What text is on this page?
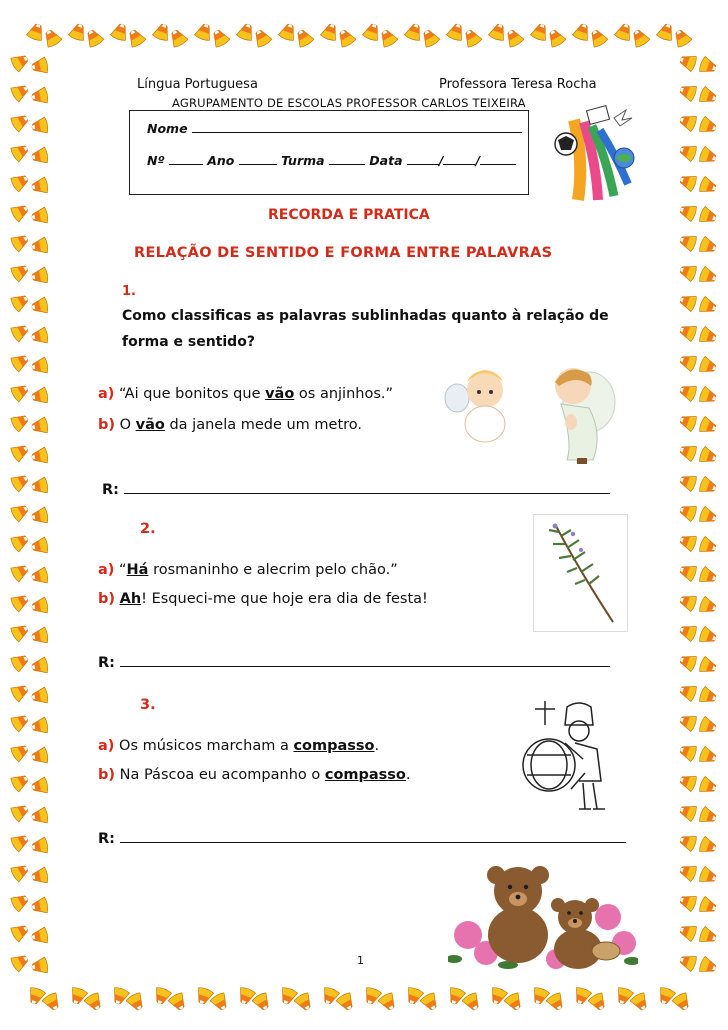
Língua Portuguesa	Professora Teresa Rocha
AGRUPAMENTO DE ESCOLAS PROFESSOR CARLOS TEIXEIRA
Nome
Nº	Ano	Turma	Data	/	/
RECORDA E PRATICA
RELAÇÃO DE SENTIDO E FORMA ENTRE PALAVRAS
1.
Como classificas as palavras sublinhadas quanto à relação de
forma e sentido?
a) “Ai que bonitos que vão os anjinhos.”
b) O vão da janela mede um metro.
R:
2.
a) “Há rosmaninho e alecrim pelo chão.”
b) Ah! Esqueci-me que hoje era dia de festa!
R:
3.
a) Os músicos marcham a compasso.
b) Na Páscoa eu acompanho o compasso.
R:
1
